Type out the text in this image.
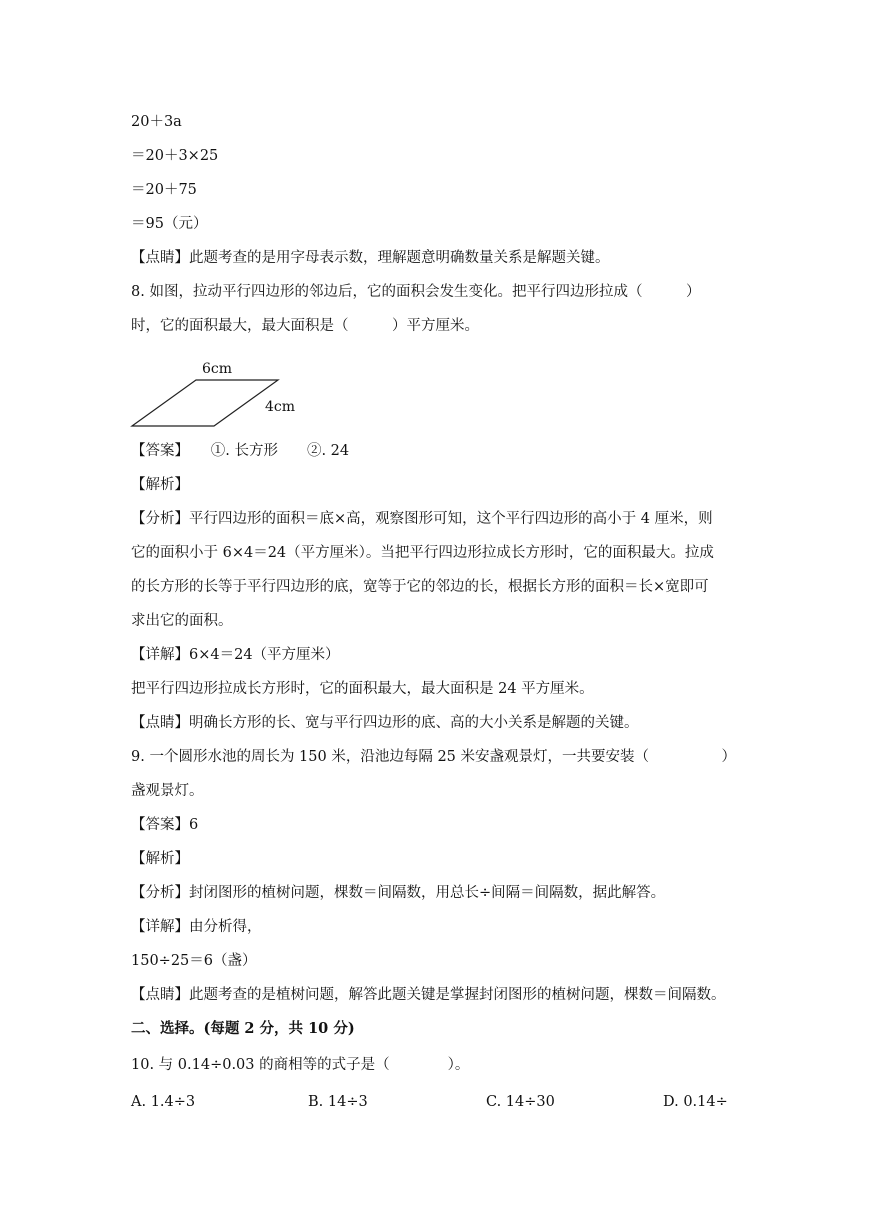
20＋3a
＝20＋3×25
＝20＋75
＝95（元）
【点睛】此题考查的是用字母表示数，理解题意明确数量关系是解题关键。
8. 如图，拉动平行四边形的邻边后，它的面积会发生变化。把平行四边形拉成（　　　）
时，它的面积最大，最大面积是（　　　）平方厘米。
6cm
4cm
【答案】　　①. 长方形　　②. 24
【解析】
【分析】平行四边形的面积＝底×高，观察图形可知，这个平行四边形的高小于 4 厘米，则
它的面积小于 6×4＝24（平方厘米）。当把平行四边形拉成长方形时，它的面积最大。拉成
的长方形的长等于平行四边形的底，宽等于它的邻边的长，根据长方形的面积＝长×宽即可
求出它的面积。
【详解】6×4＝24（平方厘米）
把平行四边形拉成长方形时，它的面积最大，最大面积是 24 平方厘米。
【点睛】明确长方形的长、宽与平行四边形的底、高的大小关系是解题的关键。
9. 一个圆形水池的周长为 150 米，沿池边每隔 25 米安盏观景灯，一共要安装（　　　　　）
盏观景灯。
【答案】6
【解析】
【分析】封闭图形的植树问题，棵数＝间隔数，用总长÷间隔＝间隔数，据此解答。
【详解】由分析得，
150÷25＝6（盏）
【点睛】此题考查的是植树问题，解答此题关键是掌握封闭图形的植树问题，棵数＝间隔数。
二、选择。(每题 2 分，共 10 分)
10. 与 0.14÷0.03 的商相等的式子是（　　　　）。
A. 1.4÷3	B. 14÷3	C. 14÷30	D. 0.14÷
